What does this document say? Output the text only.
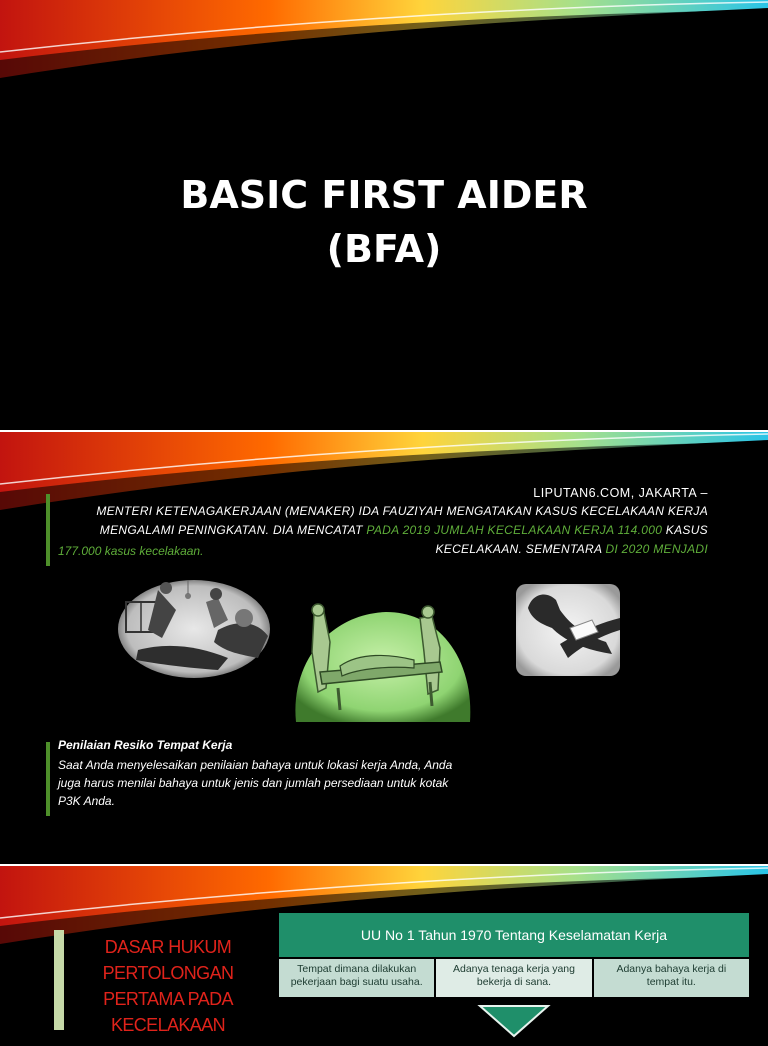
BASIC FIRST AIDER
(BFA)
LIPUTAN6.COM, JAKARTA –
MENTERI KETENAGAKERJAAN (MENAKER) IDA FAUZIYAH MENGATAKAN KASUS KECELAKAAN KERJA MENGALAMI PENINGKATAN. DIA MENCATAT PADA 2019 JUMLAH KECELAKAAN KERJA 114.000 KASUS KECELAKAAN. SEMENTARA DI 2020 MENJADI
177.000 kasus kecelakaan.
Penilaian Resiko Tempat Kerja
Saat Anda menyelesaikan penilaian bahaya untuk lokasi kerja Anda, Anda juga harus menilai bahaya untuk jenis dan jumlah persediaan untuk kotak P3K Anda.
DASAR HUKUM PERTOLONGAN PERTAMA PADA KECELAKAAN
UU No 1 Tahun 1970 Tentang Keselamatan Kerja
Tempat dimana dilakukan pekerjaan bagi suatu usaha.
Adanya tenaga kerja yang bekerja di sana.
Adanya bahaya kerja di tempat itu.
